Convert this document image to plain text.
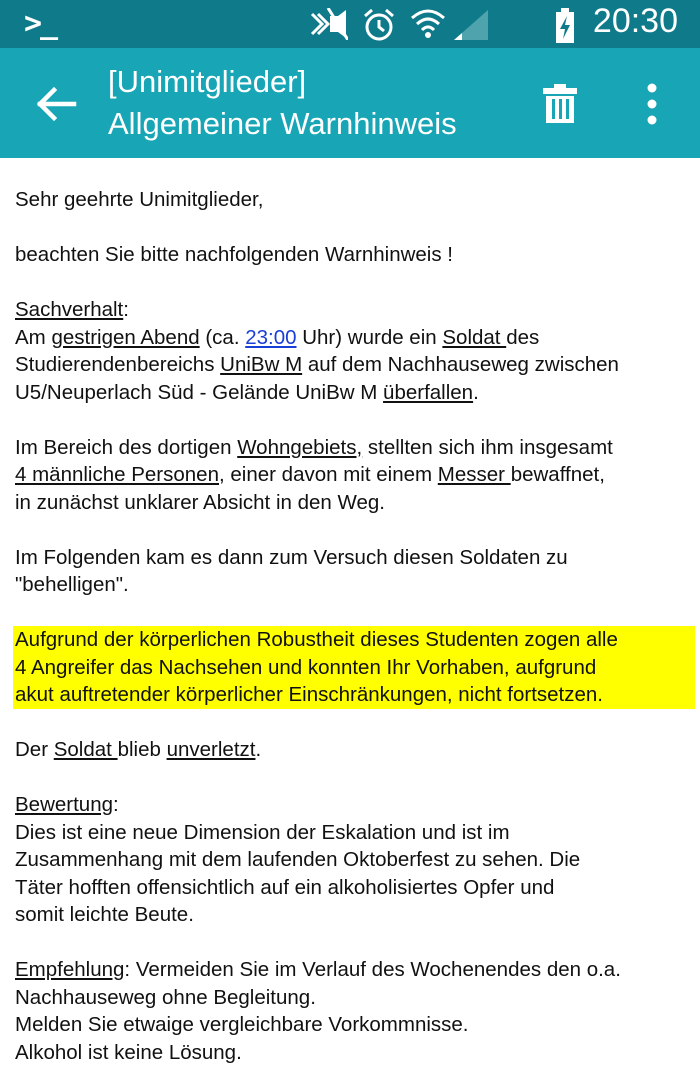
>_	20:30
[Unimitglieder]
Allgemeiner Warnhinweis

Sehr geehrte Unimitglieder,

beachten Sie bitte nachfolgenden Warnhinweis !

Sachverhalt:

Am gestrigen Abend (ca. 23:00 Uhr) wurde ein Soldat des

Studierendenbereichs UniBw M auf dem Nachhauseweg zwischen

U5/Neuperlach Süd - Gelände UniBw M überfallen.

Im Bereich des dortigen Wohngebiets, stellten sich ihm insgesamt

4 männliche Personen, einer davon mit einem Messer bewaffnet,

in zunächst unklarer Absicht in den Weg.

Im Folgenden kam es dann zum Versuch diesen Soldaten zu

"behelligen".

Aufgrund der körperlichen Robustheit dieses Studenten zogen alle

4 Angreifer das Nachsehen und konnten Ihr Vorhaben, aufgrund

akut auftretender körperlicher Einschränkungen, nicht fortsetzen.

Der Soldat blieb unverletzt.

Bewertung:

Dies ist eine neue Dimension der Eskalation und ist im

Zusammenhang mit dem laufenden Oktoberfest zu sehen. Die

Täter hofften offensichtlich auf ein alkoholisiertes Opfer und

somit leichte Beute.

Empfehlung: Vermeiden Sie im Verlauf des Wochenendes den o.a.

Nachhauseweg ohne Begleitung.

Melden Sie etwaige vergleichbare Vorkommnisse.

Alkohol ist keine Lösung.
